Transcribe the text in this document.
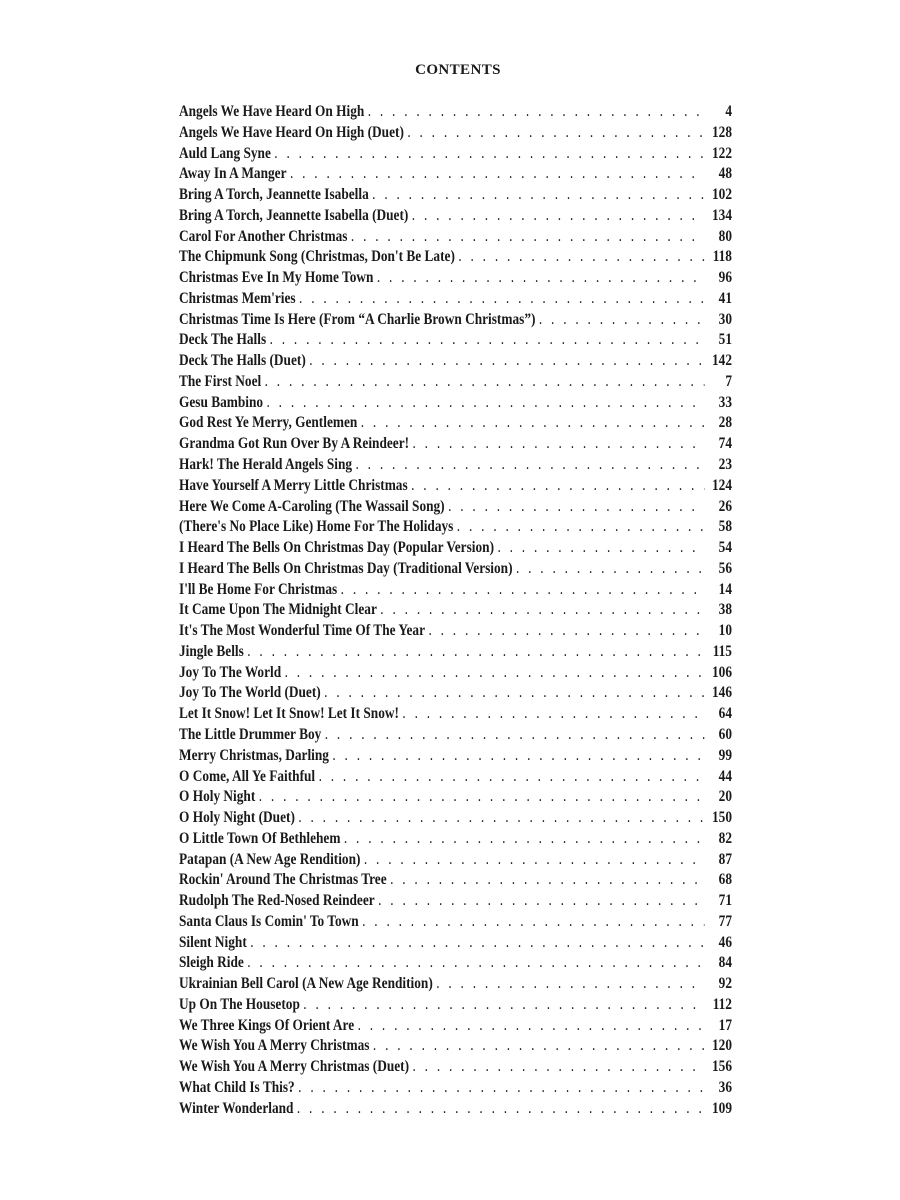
CONTENTS
Angels We Have Heard On High . . .	4
Angels We Have Heard On High (Duet) . . .	128
Auld Lang Syne . . .	122
Away In A Manger . . .	48
Bring A Torch, Jeannette Isabella . . .	102
Bring A Torch, Jeannette Isabella (Duet) . . .	134
Carol For Another Christmas . . .	80
The Chipmunk Song (Christmas, Don't Be Late) . . .	118
Christmas Eve In My Home Town . . .	96
Christmas Mem'ries . . .	41
Christmas Time Is Here (From “A Charlie Brown Christmas”) . . .	30
Deck The Halls . . .	51
Deck The Halls (Duet) . . .	142
The First Noel . . .	7
Gesu Bambino . . .	33
God Rest Ye Merry, Gentlemen . . .	28
Grandma Got Run Over By A Reindeer! . . .	74
Hark! The Herald Angels Sing . . .	23
Have Yourself A Merry Little Christmas . . .	124
Here We Come A-Caroling (The Wassail Song) . . .	26
(There's No Place Like) Home For The Holidays . . .	58
I Heard The Bells On Christmas Day (Popular Version) . . .	54
I Heard The Bells On Christmas Day (Traditional Version) . . .	56
I'll Be Home For Christmas . . .	14
It Came Upon The Midnight Clear . . .	38
It's The Most Wonderful Time Of The Year . . .	10
Jingle Bells . . .	115
Joy To The World . . .	106
Joy To The World (Duet) . . .	146
Let It Snow! Let It Snow! Let It Snow! . . .	64
The Little Drummer Boy . . .	60
Merry Christmas, Darling . . .	99
O Come, All Ye Faithful . . .	44
O Holy Night . . .	20
O Holy Night (Duet) . . .	150
O Little Town Of Bethlehem . . .	82
Patapan (A New Age Rendition) . . .	87
Rockin' Around The Christmas Tree . . .	68
Rudolph The Red-Nosed Reindeer . . .	71
Santa Claus Is Comin' To Town . . .	77
Silent Night . . .	46
Sleigh Ride . . .	84
Ukrainian Bell Carol (A New Age Rendition) . . .	92
Up On The Housetop . . .	112
We Three Kings Of Orient Are . . .	17
We Wish You A Merry Christmas . . .	120
We Wish You A Merry Christmas (Duet) . . .	156
What Child Is This? . . .	36
Winter Wonderland . . .	109
